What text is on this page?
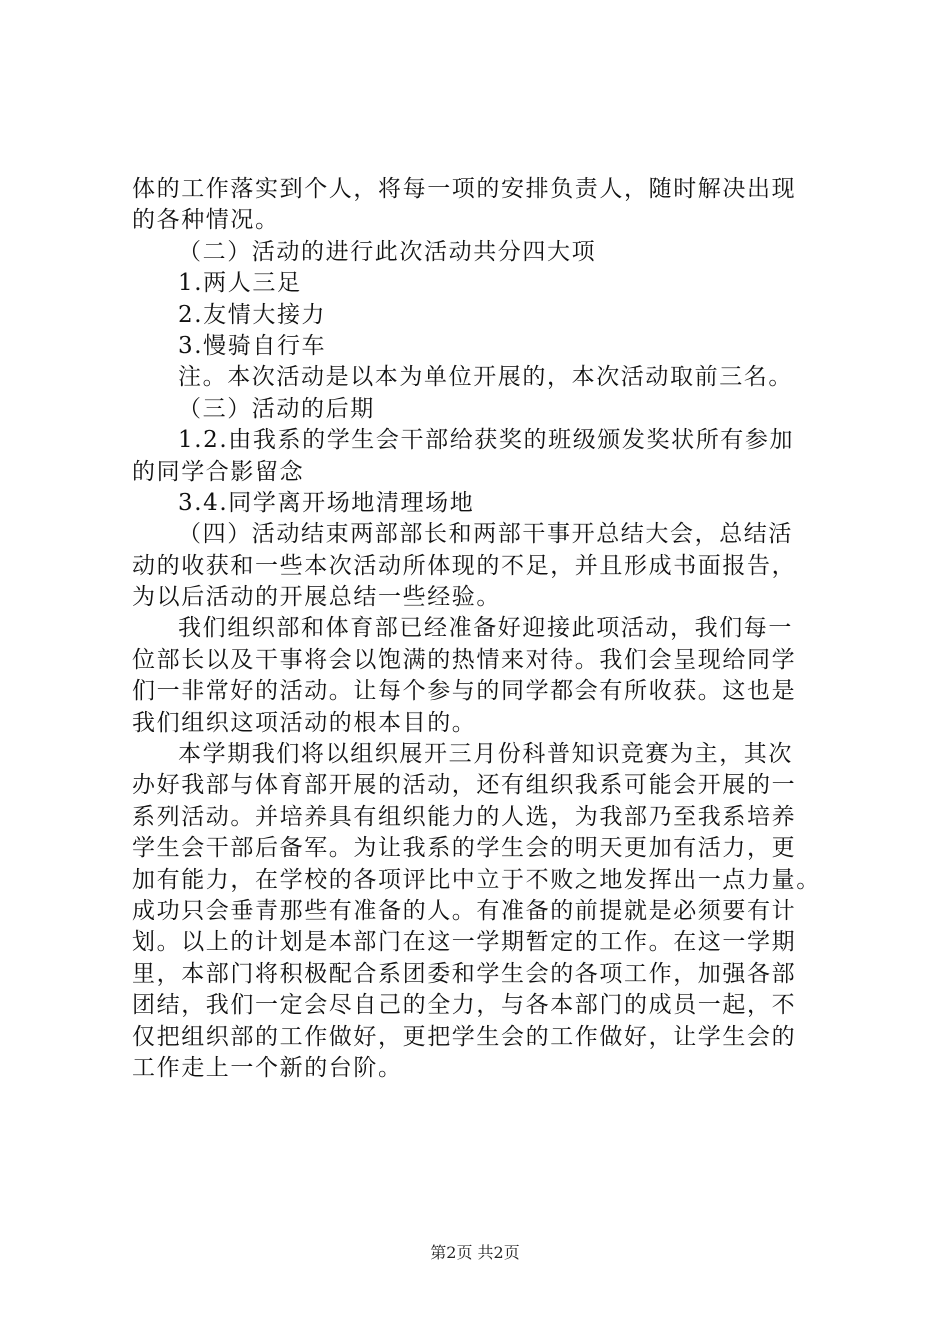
体的工作落实到个人，将每一项的安排负责人，随时解决出现
的各种情况。
（二）活动的进行此次活动共分四大项
1.两人三足
2.友情大接力
3.慢骑自行车
注。本次活动是以本为单位开展的，本次活动取前三名。
（三）活动的后期
1.2.由我系的学生会干部给获奖的班级颁发奖状所有参加
的同学合影留念
3.4.同学离开场地清理场地
（四）活动结束两部部长和两部干事开总结大会，总结活
动的收获和一些本次活动所体现的不足，并且形成书面报告，
为以后活动的开展总结一些经验。
我们组织部和体育部已经准备好迎接此项活动，我们每一
位部长以及干事将会以饱满的热情来对待。我们会呈现给同学
们一非常好的活动。让每个参与的同学都会有所收获。这也是
我们组织这项活动的根本目的。
本学期我们将以组织展开三月份科普知识竞赛为主，其次
办好我部与体育部开展的活动，还有组织我系可能会开展的一
系列活动。并培养具有组织能力的人选，为我部乃至我系培养
学生会干部后备军。为让我系的学生会的明天更加有活力，更
加有能力，在学校的各项评比中立于不败之地发挥出一点力量。
成功只会垂青那些有准备的人。有准备的前提就是必须要有计
划。以上的计划是本部门在这一学期暂定的工作。在这一学期
里，本部门将积极配合系团委和学生会的各项工作，加强各部
团结，我们一定会尽自己的全力，与各本部门的成员一起，不
仅把组织部的工作做好，更把学生会的工作做好，让学生会的
工作走上一个新的台阶。
第2页 共2页
